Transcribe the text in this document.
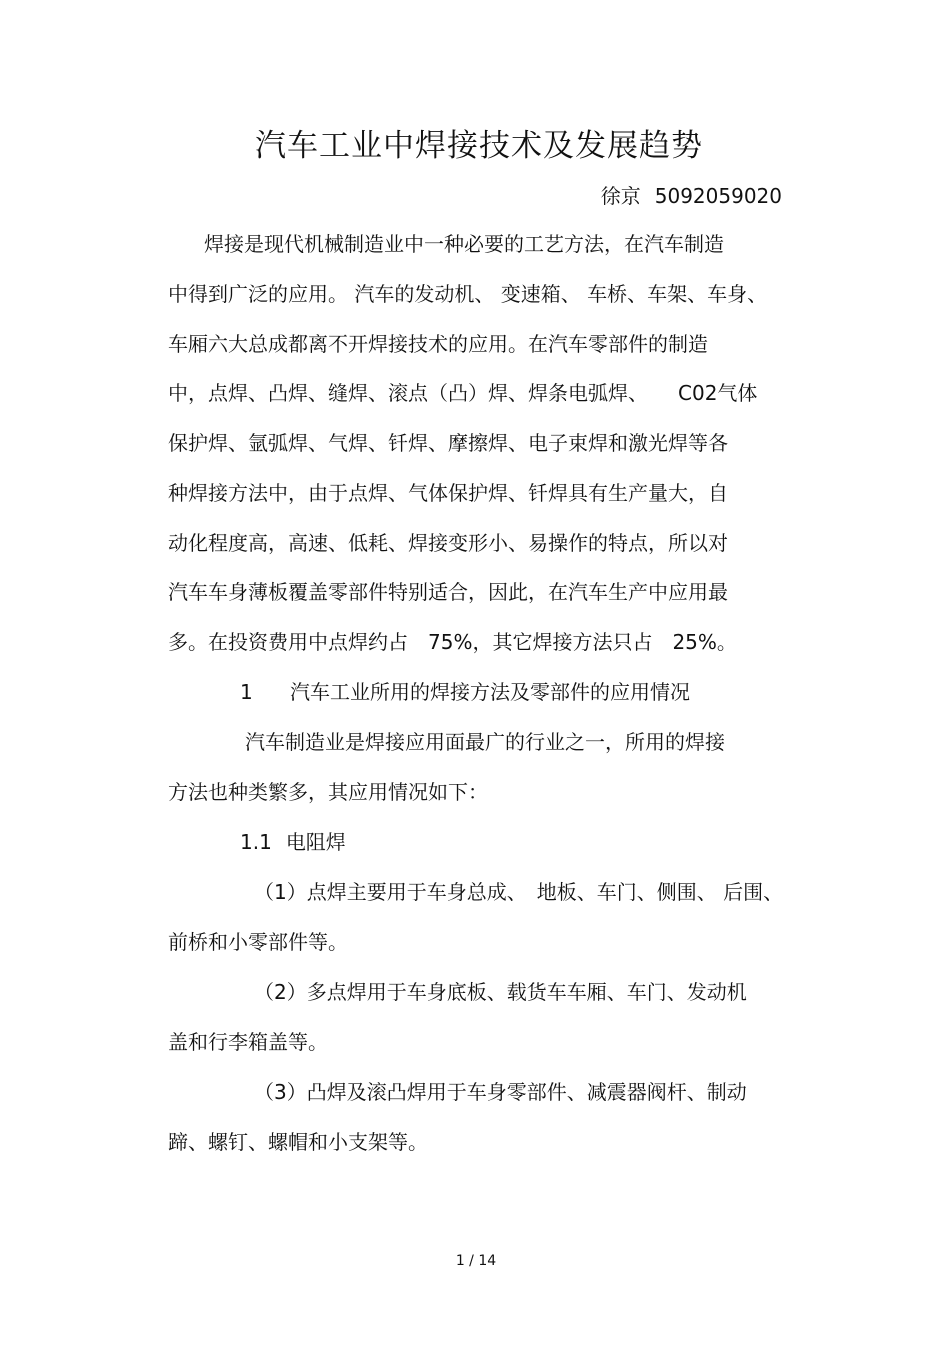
汽车工业中焊接技术及发展趋势
徐京 5092059020
焊接是现代机械制造业中一种必要的工艺方法，在汽车制造
中得到广泛的应用。 汽车的发动机、 变速箱、 车桥、车架、车身、
车厢六大总成都离不开焊接技术的应用。在汽车零部件的制造
中，点焊、凸焊、缝焊、滚点（凸）焊、焊条电弧焊、　　C02气体
保护焊、氩弧焊、气焊、钎焊、摩擦焊、电子束焊和激光焊等各
种焊接方法中，由于点焊、气体保护焊、钎焊具有生产量大，自
动化程度高，高速、低耗、焊接变形小、易操作的特点，所以对
汽车车身薄板覆盖零部件特别适合，因此，在汽车生产中应用最
多。在投资费用中点焊约占　75%，其它焊接方法只占　25%。
1 汽车工业所用的焊接方法及零部件的应用情况
汽车制造业是焊接应用面最广的行业之一，所用的焊接
方法也种类繁多，其应用情况如下：
1.1 电阻焊
（1）点焊主要用于车身总成、　地板、车门、侧围、 后围、
前桥和小零部件等。
（2）多点焊用于车身底板、载货车车厢、车门、发动机
盖和行李箱盖等。
（3）凸焊及滚凸焊用于车身零部件、减震器阀杆、制动
蹄、螺钉、螺帽和小支架等。
1 / 14
